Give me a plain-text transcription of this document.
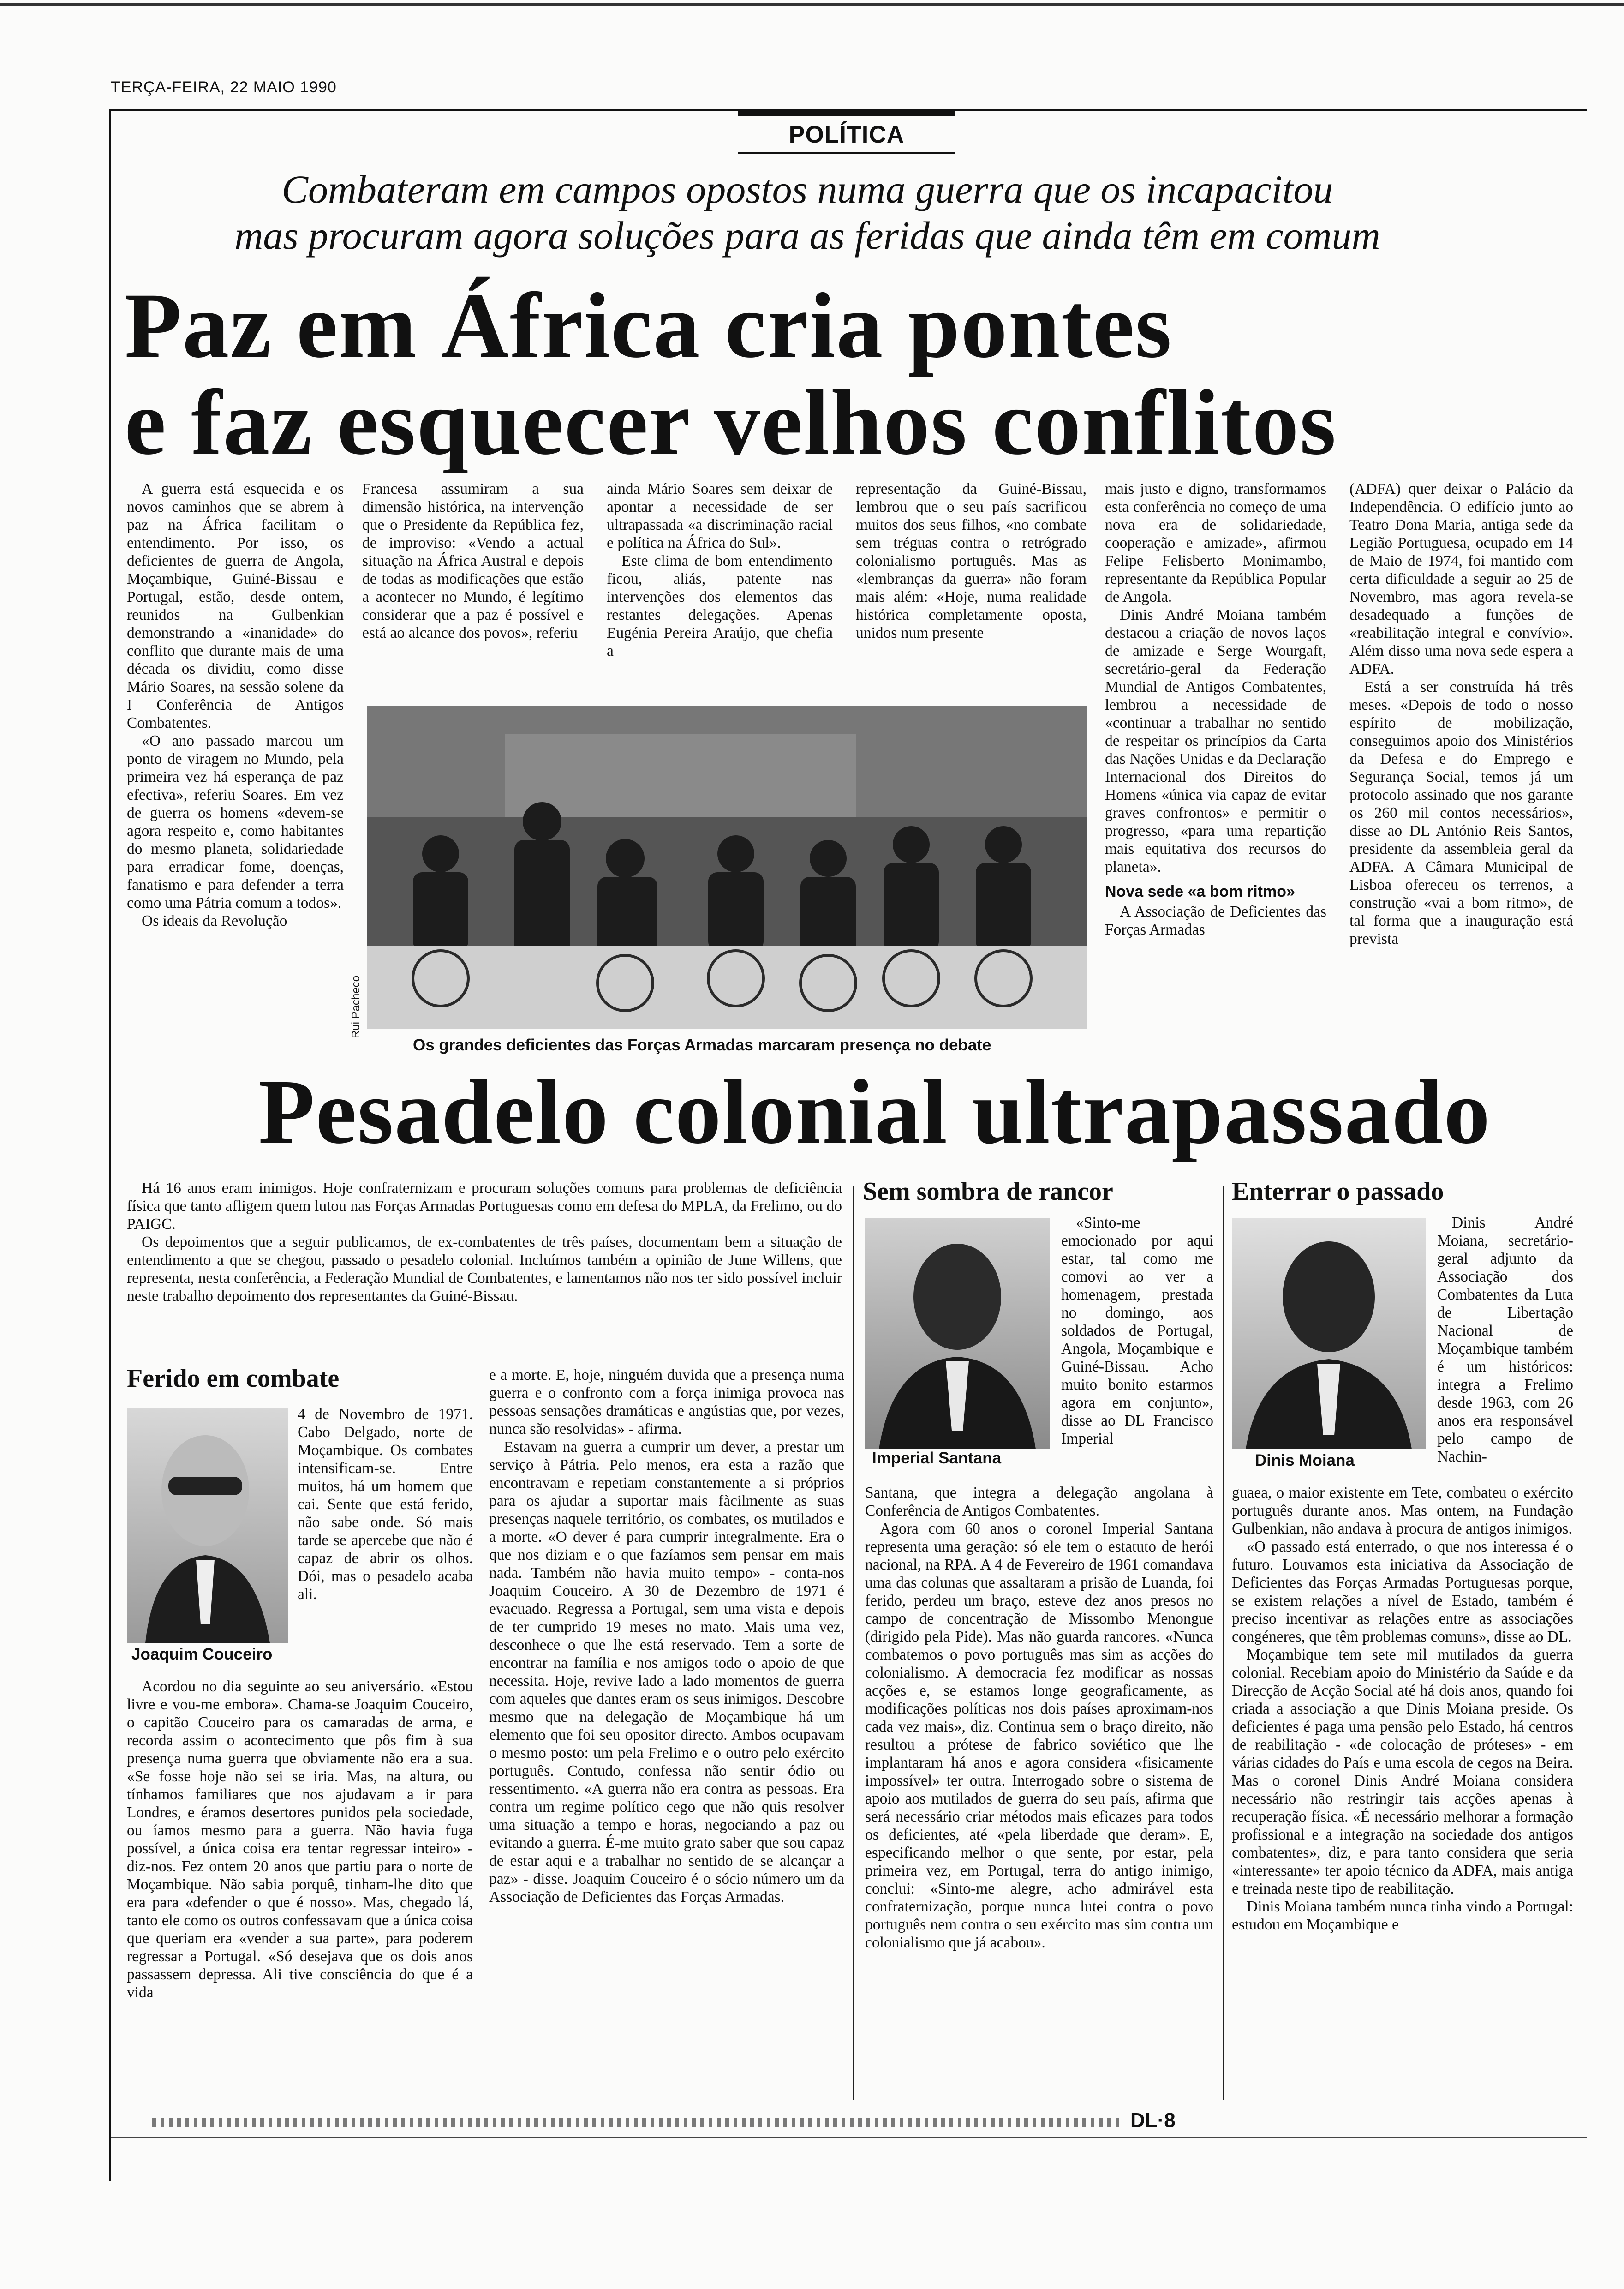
TERÇA-FEIRA, 22 MAIO 1990
POLÍTICA
Combateram em campos opostos numa guerra que os incapacitou
mas procuram agora soluções para as feridas que ainda têm em comum
Paz em África cria pontes
e faz esquecer velhos conflitos

A guerra está esquecida e os novos caminhos que se abrem à paz na África facilitam o entendimento. Por isso, os deficientes de guerra de Angola, Moçambique, Guiné-Bissau e Portugal, estão, desde ontem, reunidos na Gulbenkian demonstrando a «inanidade» do conflito que durante mais de uma década os dividiu, como disse Mário Soares, na sessão solene da I Conferência de Antigos Combatentes.

«O ano passado marcou um ponto de viragem no Mundo, pela primeira vez há esperança de paz efectiva», referiu Soares. Em vez de guerra os homens «devem-se agora respeito e, como habitantes do mesmo planeta, solidariedade para erradicar fome, doenças, fanatismo e para defender a terra como uma Pátria comum a todos».

Os ideais da Revolução

Francesa assumiram a sua dimensão histórica, na intervenção que o Presidente da República fez, de improviso: «Vendo a actual situação na África Austral e depois de todas as modificações que estão a acontecer no Mundo, é legítimo considerar que a paz é possível e está ao alcance dos povos», referiu

ainda Mário Soares sem deixar de apontar a necessidade de ser ultrapassada «a discriminação racial e política na África do Sul».

Este clima de bom entendimento ficou, aliás, patente nas intervenções dos elementos das restantes delegações. Apenas Eugénia Pereira Araújo, que chefia a

representação da Guiné-Bissau, lembrou que o seu país sacrificou muitos dos seus filhos, «no combate sem tréguas contra o retrógrado colonialismo português. Mas as «lembranças da guerra» não foram mais além: «Hoje, numa realidade histórica completamente oposta, unidos num presente

Rui Pacheco
Os grandes deficientes das Forças Armadas marcaram presença no debate

mais justo e digno, transformamos esta conferência no começo de uma nova era de solidariedade, cooperação e amizade», afirmou Felipe Felisberto Monimambo, representante da República Popular de Angola.

Dinis André Moiana também destacou a criação de novos laços de amizade e Serge Wourgaft, secretário-geral da Federação Mundial de Antigos Combatentes, lembrou a necessidade de «continuar a trabalhar no sentido de respeitar os princípios da Carta das Nações Unidas e da Declaração Internacional dos Direitos do Homens «única via capaz de evitar graves confrontos» e permitir o progresso, «para uma repartição mais equitativa dos recursos do planeta».

Nova sede «a bom ritmo»

A Associação de Deficientes das Forças Armadas

(ADFA) quer deixar o Palácio da Independência. O edifício junto ao Teatro Dona Maria, antiga sede da Legião Portuguesa, ocupado em 14 de Maio de 1974, foi mantido com certa dificuldade a seguir ao 25 de Novembro, mas agora revela-se desadequado a funções de «reabilitação integral e convívio». Além disso uma nova sede espera a ADFA.

Está a ser construída há três meses. «Depois de todo o nosso espírito de mobilização, conseguimos apoio dos Ministérios da Defesa e do Emprego e Segurança Social, temos já um protocolo assinado que nos garante os 260 mil contos necessários», disse ao DL António Reis Santos, presidente da assembleia geral da ADFA. A Câmara Municipal de Lisboa ofereceu os terrenos, a construção «vai a bom ritmo», de tal forma que a inauguração está prevista

Pesadelo colonial ultrapassado

Há 16 anos eram inimigos. Hoje confraternizam e procuram soluções comuns para problemas de deficiência física que tanto afligem quem lutou nas Forças Armadas Portuguesas como em defesa do MPLA, da Frelimo, ou do PAIGC.

Os depoimentos que a seguir publicamos, de ex-combatentes de três países, documentam bem a situação de entendimento a que se chegou, passado o pesadelo colonial. Incluímos também a opinião de June Willens, que representa, nesta conferência, a Federação Mundial de Combatentes, e lamentamos não nos ter sido possível incluir neste trabalho depoimento dos representantes da Guiné-Bissau.

Ferido em combate
Joaquim Couceiro

4 de Novembro de 1971. Cabo Delgado, norte de Moçambique. Os combates intensificam-se. Entre muitos, há um homem que cai. Sente que está ferido, não sabe onde. Só mais tarde se apercebe que não é capaz de abrir os olhos. Dói, mas o pesadelo acaba ali.

Acordou no dia seguinte ao seu aniversário. «Estou livre e vou-me embora». Chama-se Joaquim Couceiro, o capitão Couceiro para os camaradas de arma, e recorda assim o acontecimento que pôs fim à sua presença numa guerra que obviamente não era a sua. «Se fosse hoje não sei se iria. Mas, na altura, ou tínhamos familiares que nos ajudavam a ir para Londres, e éramos desertores punidos pela sociedade, ou íamos mesmo para a guerra. Não havia fuga possível, a única coisa era tentar regressar inteiro» - diz-nos. Fez ontem 20 anos que partiu para o norte de Moçambique. Não sabia porquê, tinham-lhe dito que era para «defender o que é nosso». Mas, chegado lá, tanto ele como os outros confessavam que a única coisa que queriam era «vender a sua parte», para poderem regressar a Portugal. «Só desejava que os dois anos passassem depressa. Ali tive consciência do que é a vida

e a morte. E, hoje, ninguém duvida que a presença numa guerra e o confronto com a força inimiga provoca nas pessoas sensações dramáticas e angústias que, por vezes, nunca são resolvidas» - afirma.

Estavam na guerra a cumprir um dever, a prestar um serviço à Pátria. Pelo menos, era esta a razão que encontravam e repetiam constantemente a si próprios para os ajudar a suportar mais fàcilmente as suas presenças naquele território, os combates, os mutilados e a morte. «O dever é para cumprir integralmente. Era o que nos diziam e o que fazíamos sem pensar em mais nada. Também não havia muito tempo» - conta-nos Joaquim Couceiro. A 30 de Dezembro de 1971 é evacuado. Regressa a Portugal, sem uma vista e depois de ter cumprido 19 meses no mato. Mais uma vez, desconhece o que lhe está reservado. Tem a sorte de encontrar na família e nos amigos todo o apoio de que necessita. Hoje, revive lado a lado momentos de guerra com aqueles que dantes eram os seus inimigos. Descobre mesmo que na delegação de Moçambique há um elemento que foi seu opositor directo. Ambos ocupavam o mesmo posto: um pela Frelimo e o outro pelo exército português. Contudo, confessa não sentir ódio ou ressentimento. «A guerra não era contra as pessoas. Era contra um regime político cego que não quis resolver uma situação a tempo e horas, negociando a paz ou evitando a guerra. É-me muito grato saber que sou capaz de estar aqui e a trabalhar no sentido de se alcançar a paz» - disse. Joaquim Couceiro é o sócio número um da Associação de Deficientes das Forças Armadas.

Sem sombra de rancor
Imperial Santana

«Sinto-me emocionado por aqui estar, tal como me comovi ao ver a homenagem, prestada no domingo, aos soldados de Portugal, Angola, Moçambique e Guiné-Bissau. Acho muito bonito estarmos agora em conjunto», disse ao DL Francisco Imperial

Santana, que integra a delegação angolana à Conferência de Antigos Combatentes.

Agora com 60 anos o coronel Imperial Santana representa uma geração: só ele tem o estatuto de herói nacional, na RPA. A 4 de Fevereiro de 1961 comandava uma das colunas que assaltaram a prisão de Luanda, foi ferido, perdeu um braço, esteve dez anos presos no campo de concentração de Missombo Menongue (dirigido pela Pide). Mas não guarda rancores. «Nunca combatemos o povo português mas sim as acções do colonialismo. A democracia fez modificar as nossas acções e, se estamos longe geograficamente, as modificações políticas nos dois países aproximam-nos cada vez mais», diz. Continua sem o braço direito, não resultou a prótese de fabrico soviético que lhe implantaram há anos e agora considera «fisicamente impossível» ter outra. Interrogado sobre o sistema de apoio aos mutilados de guerra do seu país, afirma que será necessário criar métodos mais eficazes para todos os deficientes, até «pela liberdade que deram». E, especificando melhor o que sente, por estar, pela primeira vez, em Portugal, terra do antigo inimigo, conclui: «Sinto-me alegre, acho admirável esta confraternização, porque nunca lutei contra o povo português nem contra o seu exército mas sim contra um colonialismo que já acabou».

Enterrar o passado
Dinis Moiana

Dinis André Moiana, secretário-geral adjunto da Associação dos Combatentes da Luta de Libertação Nacional de Moçambique também é um históricos: integra a Frelimo desde 1963, com 26 anos era responsável pelo campo de Nachin-

guaea, o maior existente em Tete, combateu o exército português durante anos. Mas ontem, na Fundação Gulbenkian, não andava à procura de antigos inimigos.

«O passado está enterrado, o que nos interessa é o futuro. Louvamos esta iniciativa da Associação de Deficientes das Forças Armadas Portuguesas porque, se existem relações a nível de Estado, também é preciso incentivar as relações entre as associações congéneres, que têm problemas comuns», disse ao DL.

Moçambique tem sete mil mutilados da guerra colonial. Recebiam apoio do Ministério da Saúde e da Direcção de Acção Social até há dois anos, quando foi criada a associação a que Dinis Moiana preside. Os deficientes é paga uma pensão pelo Estado, há centros de reabilitação - «de colocação de próteses» - em várias cidades do País e uma escola de cegos na Beira. Mas o coronel Dinis André Moiana considera necessário não restringir tais acções apenas à recuperação física. «É necessário melhorar a formação profissional e a integração na sociedade dos antigos combatentes», diz, e para tanto considera que seria «interessante» ter apoio técnico da ADFA, mais antiga e treinada neste tipo de reabilitação.

Dinis Moiana também nunca tinha vindo a Portugal: estudou em Moçambique e

DL·8
